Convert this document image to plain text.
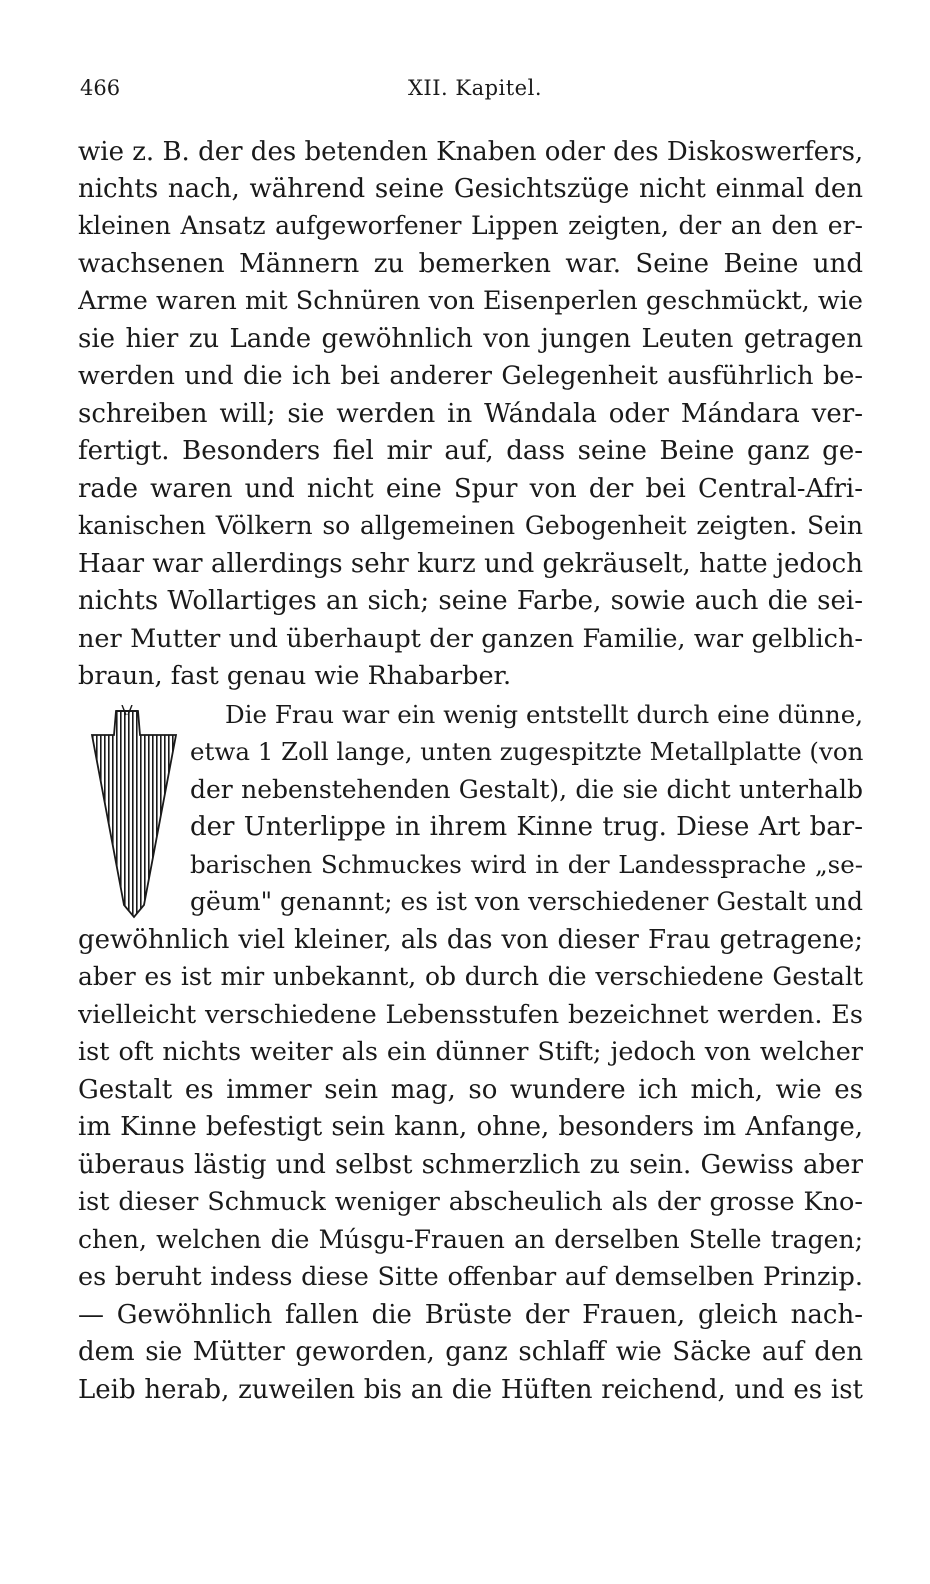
466	XII. Kapitel.
wie z. B. der des betenden Knaben oder des Diskoswerfers,
nichts nach, während seine Gesichtszüge nicht einmal den
kleinen Ansatz aufgeworfener Lippen zeigten, der an den er-
wachsenen Männern zu bemerken war. Seine Beine und
Arme waren mit Schnüren von Eisenperlen geschmückt, wie
sie hier zu Lande gewöhnlich von jungen Leuten getragen
werden und die ich bei anderer Gelegenheit ausführlich be-
schreiben will; sie werden in Wándala oder Mándara ver-
fertigt. Besonders fiel mir auf, dass seine Beine ganz ge-
rade waren und nicht eine Spur von der bei Central-Afri-
kanischen Völkern so allgemeinen Gebogenheit zeigten. Sein
Haar war allerdings sehr kurz und gekräuselt, hatte jedoch
nichts Wollartiges an sich; seine Farbe, sowie auch die sei-
ner Mutter und überhaupt der ganzen Familie, war gelblich-
braun, fast genau wie Rhabarber.
Die Frau war ein wenig entstellt durch eine dünne,
etwa 1 Zoll lange, unten zugespitzte Metallplatte (von
der nebenstehenden Gestalt), die sie dicht unterhalb
der Unterlippe in ihrem Kinne trug. Diese Art bar-
barischen Schmuckes wird in der Landessprache „se-
gëum" genannt; es ist von verschiedener Gestalt und
gewöhnlich viel kleiner, als das von dieser Frau getragene;
aber es ist mir unbekannt, ob durch die verschiedene Gestalt
vielleicht verschiedene Lebensstufen bezeichnet werden. Es
ist oft nichts weiter als ein dünner Stift; jedoch von welcher
Gestalt es immer sein mag, so wundere ich mich, wie es
im Kinne befestigt sein kann, ohne, besonders im Anfange,
überaus lästig und selbst schmerzlich zu sein. Gewiss aber
ist dieser Schmuck weniger abscheulich als der grosse Kno-
chen, welchen die Músgu-Frauen an derselben Stelle tragen;
es beruht indess diese Sitte offenbar auf demselben Prinzip.
— Gewöhnlich fallen die Brüste der Frauen, gleich nach-
dem sie Mütter geworden, ganz schlaff wie Säcke auf den
Leib herab, zuweilen bis an die Hüften reichend, und es ist
